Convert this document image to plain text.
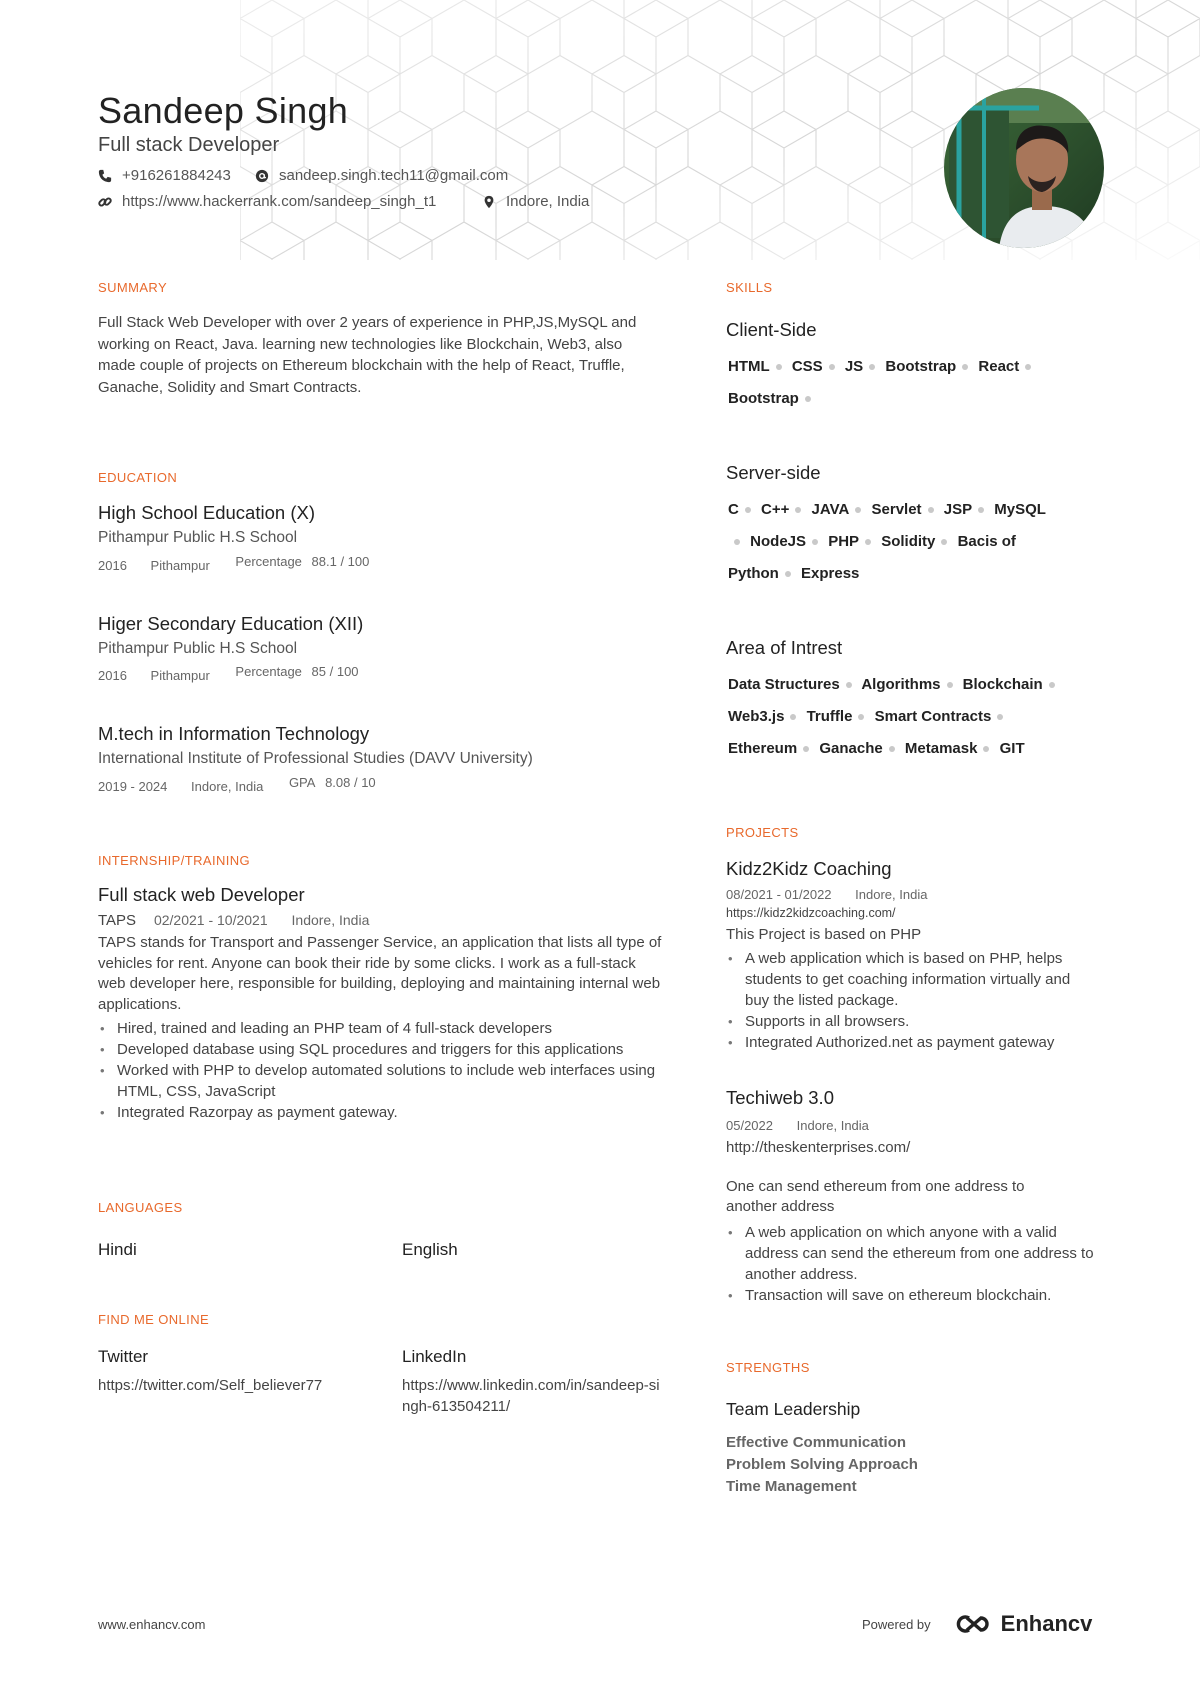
Sandeep Singh
Full stack Developer
+916261884243	sandeep.singh.tech11@gmail.com
https://www.hackerrank.com/sandeep_singh_t1	Indore, India
SUMMARY
Full Stack Web Developer with over 2 years of experience in PHP,JS,MySQL and working on React, Java. learning new technologies like Blockchain, Web3, also made couple of projects on Ethereum blockchain with the help of React, Truffle, Ganache, Solidity and Smart Contracts.
EDUCATION
High School Education (X)
Pithampur Public H.S School
2016 Pithampur Percentage 88.1 / 100
Higer Secondary Education (XII)
Pithampur Public H.S School
2016 Pithampur Percentage 85 / 100
M.tech in Information Technology
International Institute of Professional Studies (DAVV University)
2019 - 2024 Indore, India GPA 8.08 / 10
INTERNSHIP/TRAINING
Full stack web Developer
TAPS 02/2021 - 10/2021 Indore, India
TAPS stands for Transport and Passenger Service, an application that lists all type of vehicles for rent. Anyone can book their ride by some clicks. I work as a full-stack web developer here, responsible for building, deploying and maintaining internal web applications.
• Hired, trained and leading an PHP team of 4 full-stack developers
• Developed database using SQL procedures and triggers for this applications
• Worked with PHP to develop automated solutions to include web interfaces using HTML, CSS, JavaScript
• Integrated Razorpay as payment gateway.
LANGUAGES
Hindi	English
FIND ME ONLINE
Twitter
https://twitter.com/Self_believer77
LinkedIn
https://www.linkedin.com/in/sandeep-singh-613504211/
SKILLS
Client-Side
HTML CSS JS Bootstrap React Bootstrap
Server-side
C C++ JAVA Servlet JSP MySQL NodeJS PHP Solidity Bacis of Python Express
Area of Intrest
Data Structures Algorithms Blockchain Web3.js Truffle Smart Contracts Ethereum Ganache Metamask GIT
PROJECTS
Kidz2Kidz Coaching
08/2021 - 01/2022 Indore, India
https://kidz2kidzcoaching.com/
This Project is based on PHP
• A web application which is based on PHP, helps students to get coaching information virtually and buy the listed package.
• Supports in all browsers.
• Integrated Authorized.net as payment gateway
Techiweb 3.0
05/2022 Indore, India
http://theskenterprises.com/
One can send ethereum from one address to another address
• A web application on which anyone with a valid address can send the ethereum from one address to another address.
• Transaction will save on ethereum blockchain.
STRENGTHS
Team Leadership
Effective Communication
Problem Solving Approach
Time Management
www.enhancv.com	Powered by	Enhancv
